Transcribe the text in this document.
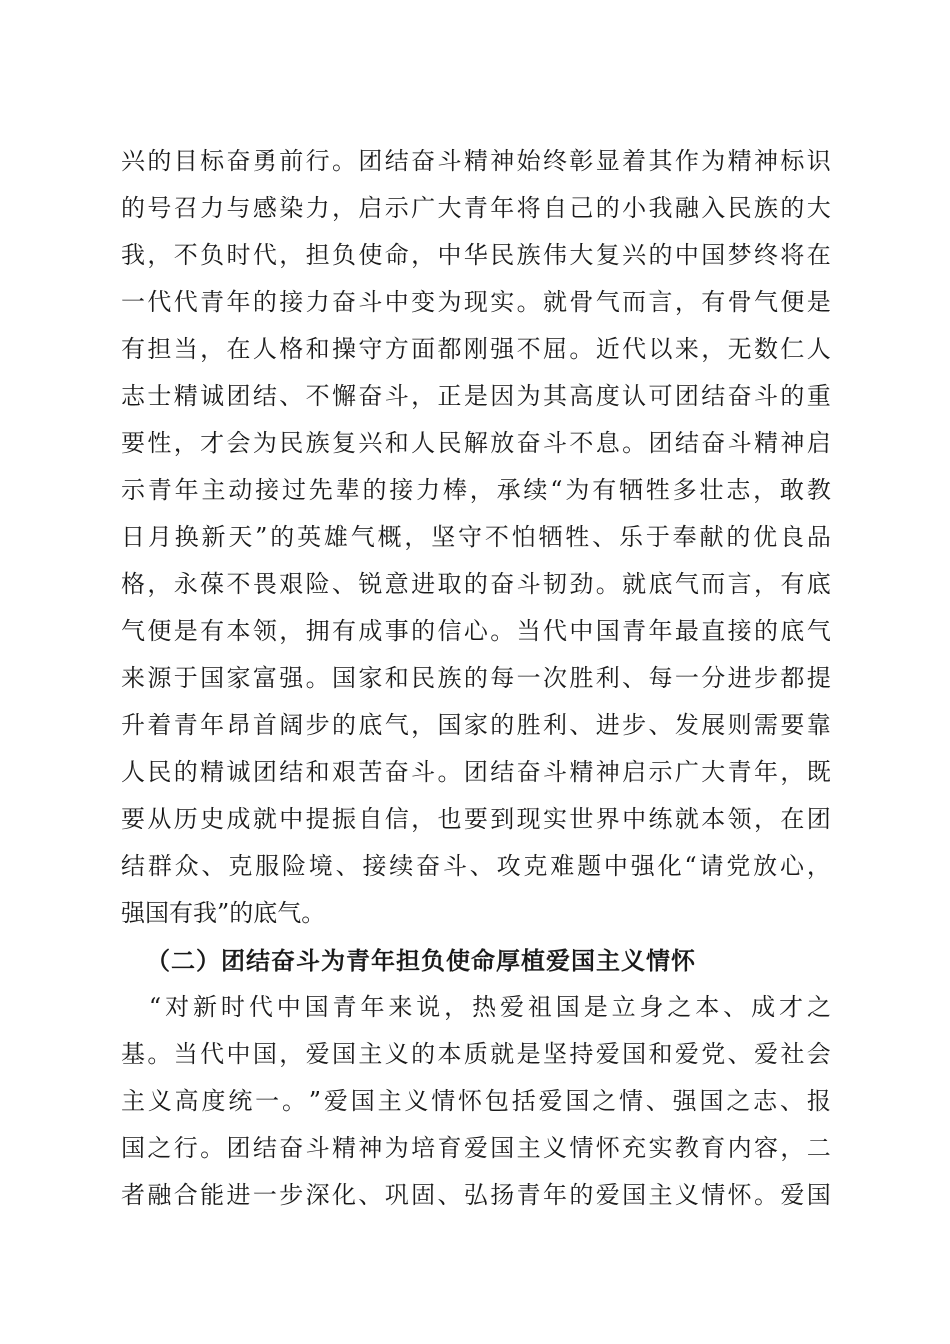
兴 的 目 标 奋 勇 前 行 。 团 结 奋 斗 精 神 始 终 彰 显 着 其 作 为 精 神 标 识
的 号 召 力 与 感 染 力 ， 启 示 广 大 青 年 将 自 己 的 小 我 融 入 民 族 的 大
我 ， 不 负 时 代 ， 担 负 使 命 ， 中 华 民 族 伟 大 复 兴 的 中 国 梦 终 将 在
一 代 代 青 年 的 接 力 奋 斗 中 变 为 现 实 。 就 骨 气 而 言 ， 有 骨 气 便 是
有 担 当 ， 在 人 格 和 操 守 方 面 都 刚 强 不 屈 。 近 代 以 来 ， 无 数 仁 人
志 士 精 诚 团 结 、 不 懈 奋 斗 ， 正 是 因 为 其 高 度 认 可 团 结 奋 斗 的 重
要 性 ， 才 会 为 民 族 复 兴 和 人 民 解 放 奋 斗 不 息 。 团 结 奋 斗 精 神 启
示 青 年 主 动 接 过 先 辈 的 接 力 棒 ， 承 续 “ 为 有 牺 牲 多 壮 志 ， 敢 教
日 月 换 新 天 ” 的 英 雄 气 概 ， 坚 守 不 怕 牺 牲 、 乐 于 奉 献 的 优 良 品
格 ， 永 葆 不 畏 艰 险 、 锐 意 进 取 的 奋 斗 韧 劲 。 就 底 气 而 言 ， 有 底
气 便 是 有 本 领 ， 拥 有 成 事 的 信 心 。 当 代 中 国 青 年 最 直 接 的 底 气
来 源 于 国 家 富 强 。 国 家 和 民 族 的 每 一 次 胜 利 、 每 一 分 进 步 都 提
升 着 青 年 昂 首 阔 步 的 底 气 ， 国 家 的 胜 利 、 进 步 、 发 展 则 需 要 靠
人 民 的 精 诚 团 结 和 艰 苦 奋 斗 。 团 结 奋 斗 精 神 启 示 广 大 青 年 ， 既
要 从 历 史 成 就 中 提 振 自 信 ， 也 要 到 现 实 世 界 中 练 就 本 领 ， 在 团
结 群 众 、 克 服 险 境 、 接 续 奋 斗 、 攻 克 难 题 中 强 化 “ 请 党 放 心 ，
强国有我”的底气。
（二）团结奋斗为青年担负使命厚植爱国主义情怀

“ 对 新 时 代 中 国 青 年 来 说 ， 热 爱 祖 国 是 立 身 之 本 、 成 才 之
基 。 当 代 中 国 ， 爱 国 主 义 的 本 质 就 是 坚 持 爱 国 和 爱 党 、 爱 社 会
主 义 高 度 统 一 。 ” 爱 国 主 义 情 怀 包 括 爱 国 之 情 、 强 国 之 志 、 报
国 之 行 。 团 结 奋 斗 精 神 为 培 育 爱 国 主 义 情 怀 充 实 教 育 内 容 ， 二
者 融 合 能 进 一 步 深 化 、 巩 固 、 弘 扬 青 年 的 爱 国 主 义 情 怀 。 爱 国
